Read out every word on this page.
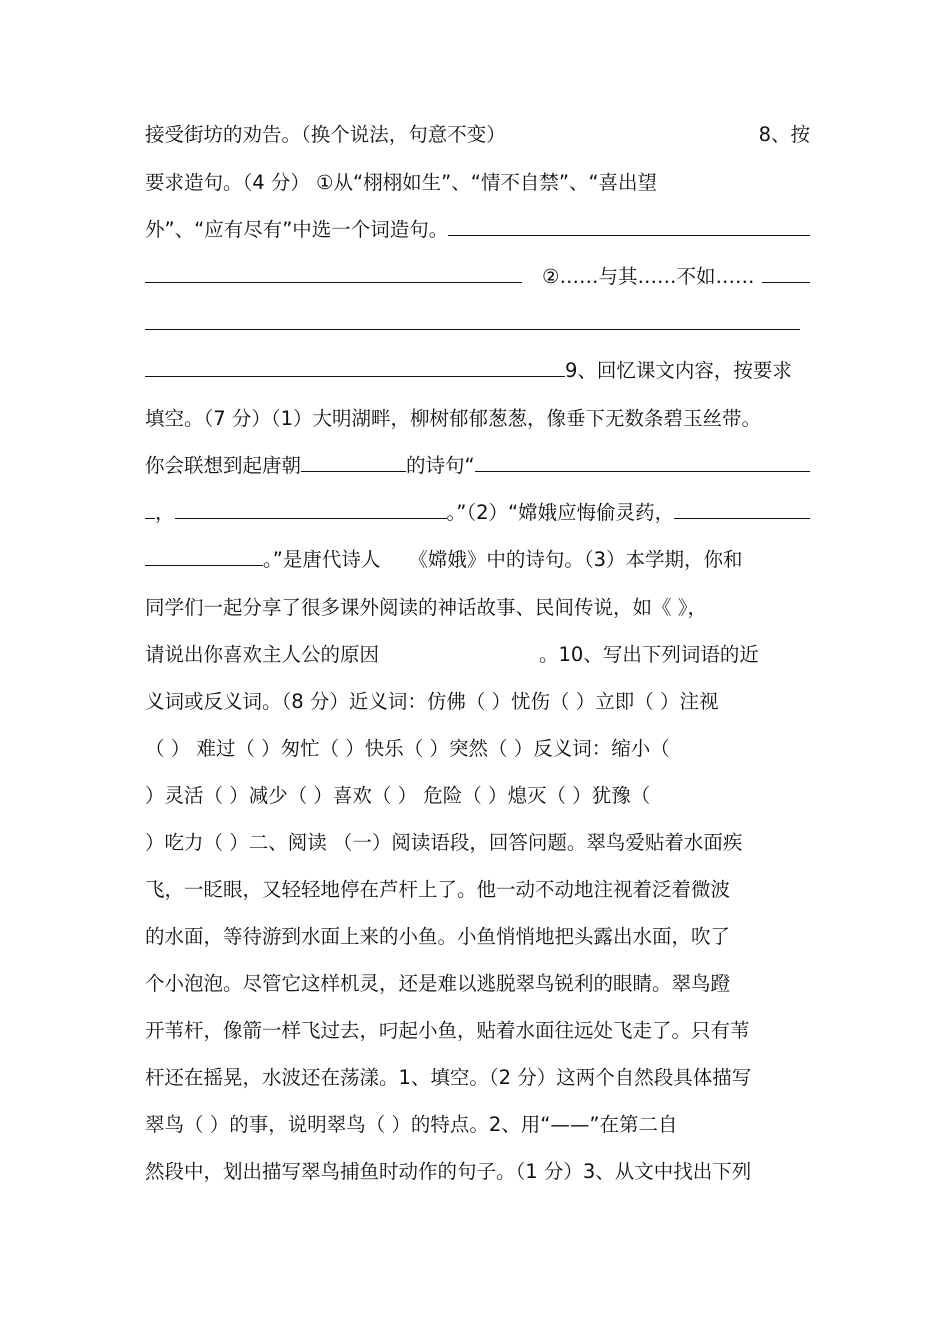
接受街坊的劝告。（换个说法，句意不变）	8、按
要求造句。（4 分） ①从“栩栩如生”、“情不自禁”、“喜出望
外”、“应有尽有”中选一个词造句。
②……与其……不如……
9、回忆课文内容，按要求
填空。（7 分）（1）大明湖畔，柳树郁郁葱葱，像垂下无数条碧玉丝带。
你会联想到起唐朝	的诗句“
，	。”（2）“嫦娥应悔偷灵药，
。”是唐代诗人 《嫦娥》中的诗句。（3）本学期，你和
同学们一起分享了很多课外阅读的神话故事、民间传说，如《 》，
请说出你喜欢主人公的原因	。10、写出下列词语的近
义词或反义词。（8 分）近义词：仿佛（ ）忧伤（ ）立即（ ）注视
（ ） 难过（ ）匆忙（ ）快乐（ ）突然（ ）反义词：缩小（
）灵活（ ）减少（ ）喜欢（ ） 危险（ ）熄灭（ ）犹豫（
）吃力（ ）二、阅读 （一）阅读语段，回答问题。翠鸟爱贴着水面疾
飞，一眨眼，又轻轻地停在芦杆上了。他一动不动地注视着泛着微波
的水面，等待游到水面上来的小鱼。小鱼悄悄地把头露出水面，吹了
个小泡泡。尽管它这样机灵，还是难以逃脱翠鸟锐利的眼睛。翠鸟蹬
开苇杆，像箭一样飞过去，叼起小鱼，贴着水面往远处飞走了。只有苇
杆还在摇晃，水波还在荡漾。1、填空。（2 分）这两个自然段具体描写
翠鸟（ ）的事，说明翠鸟（ ）的特点。2、用“——”在第二自
然段中，划出描写翠鸟捕鱼时动作的句子。（1 分）3、从文中找出下列
